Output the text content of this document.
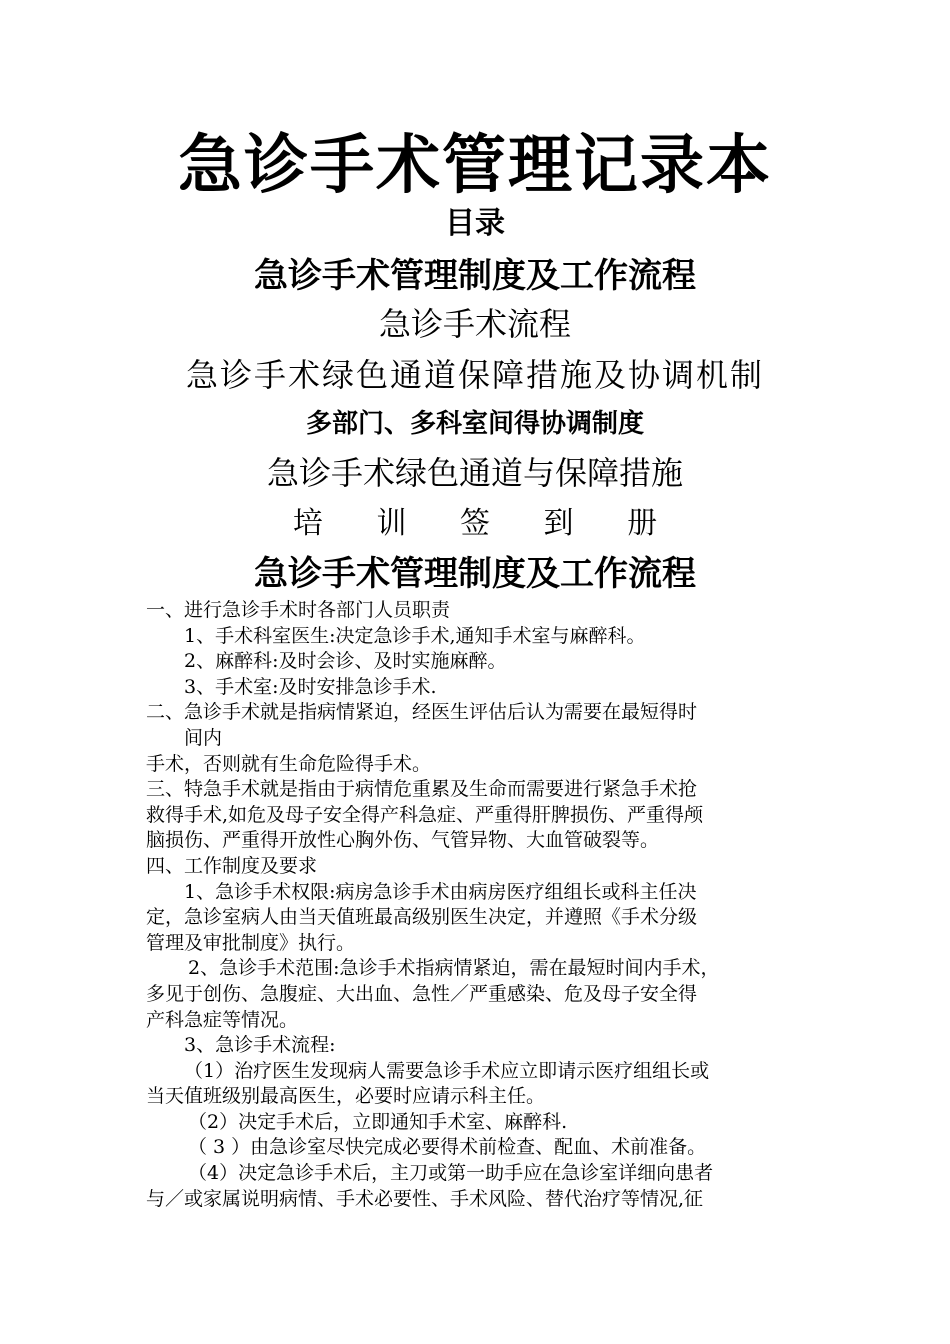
急诊手术管理记录本
目录
急诊手术管理制度及工作流程
急诊手术流程
急诊手术绿色通道保障措施及协调机制
多部门、多科室间得协调制度
急诊手术绿色通道与保障措施
培 训 签 到 册
急诊手术管理制度及工作流程

一、进行急诊手术时各部门人员职责

1、手术科室医生:决定急诊手术,通知手术室与麻醉科。

2、麻醉科:及时会诊、及时实施麻醉。

3、手术室:及时安排急诊手术.

二、急诊手术就是指病情紧迫，经医生评估后认为需要在最短得时

间内

手术，否则就有生命危险得手术。

三、特急手术就是指由于病情危重累及生命而需要进行紧急手术抢

救得手术,如危及母子安全得产科急症、严重得肝脾损伤、严重得颅

脑损伤、严重得开放性心胸外伤、气管异物、大血管破裂等。

四、工作制度及要求

1、急诊手术权限:病房急诊手术由病房医疗组组长或科主任决

定，急诊室病人由当天值班最高级别医生决定，并遵照《手术分级

管理及审批制度》执行。

2、急诊手术范围:急诊手术指病情紧迫，需在最短时间内手术，

多见于创伤、急腹症、大出血、急性／严重感染、危及母子安全得

产科急症等情况。

3、急诊手术流程:

（1）治疗医生发现病人需要急诊手术应立即请示医疗组组长或

当天值班级别最高医生，必要时应请示科主任。

（2）决定手术后，立即通知手术室、麻醉科.

（ 3 ）由急诊室尽快完成必要得术前检查、配血、术前准备。

（4）决定急诊手术后，主刀或第一助手应在急诊室详细向患者

与／或家属说明病情、手术必要性、手术风险、替代治疗等情况,征
